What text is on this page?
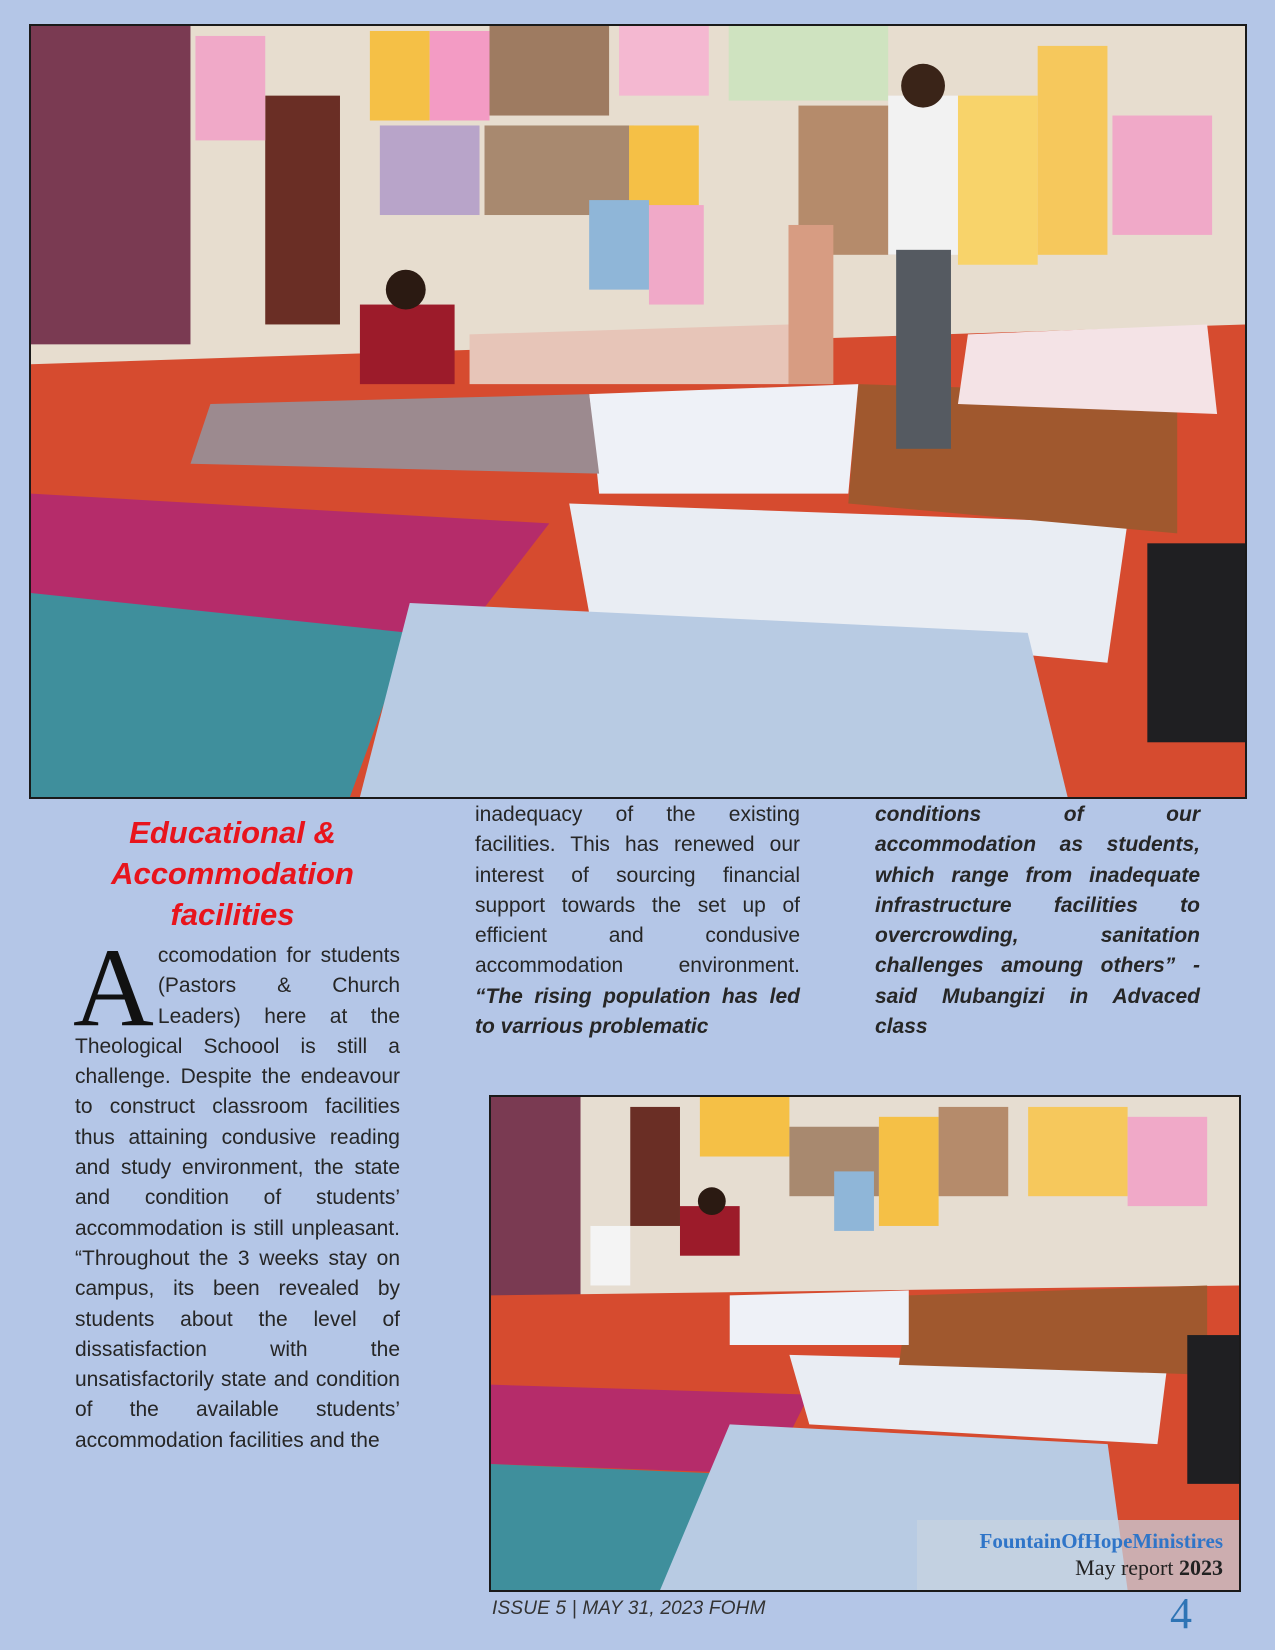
Educational & Accommodation facilities

A ccomodation for students (Pastors & Church Leaders) here at the Theological Schoool is still a challenge. Despite the endeavour to construct classroom facilities thus attaining condusive reading and study environment, the state and condition of students’ accommodation is still unpleasant. “Throughout the 3 weeks stay on campus, its been revealed by students about the level of dissatisfaction with the unsatisfactorily state and condition of the available students’ accommodation facilities and the

inadequacy of the existing facilities. This has renewed our interest of sourcing financial support towards the set up of efficient and condusive accommodation environment. “The rising population has led to varrious problematic

conditions of our accommodation as students, which range from inadequate infrastructure facilities to overcrowding, sanitation challenges amoung others” - said Mubangizi in Advaced class

FountainOfHopeMinistires
May report 2023
ISSUE 5 | MAY 31, 2023 FOHM	4
